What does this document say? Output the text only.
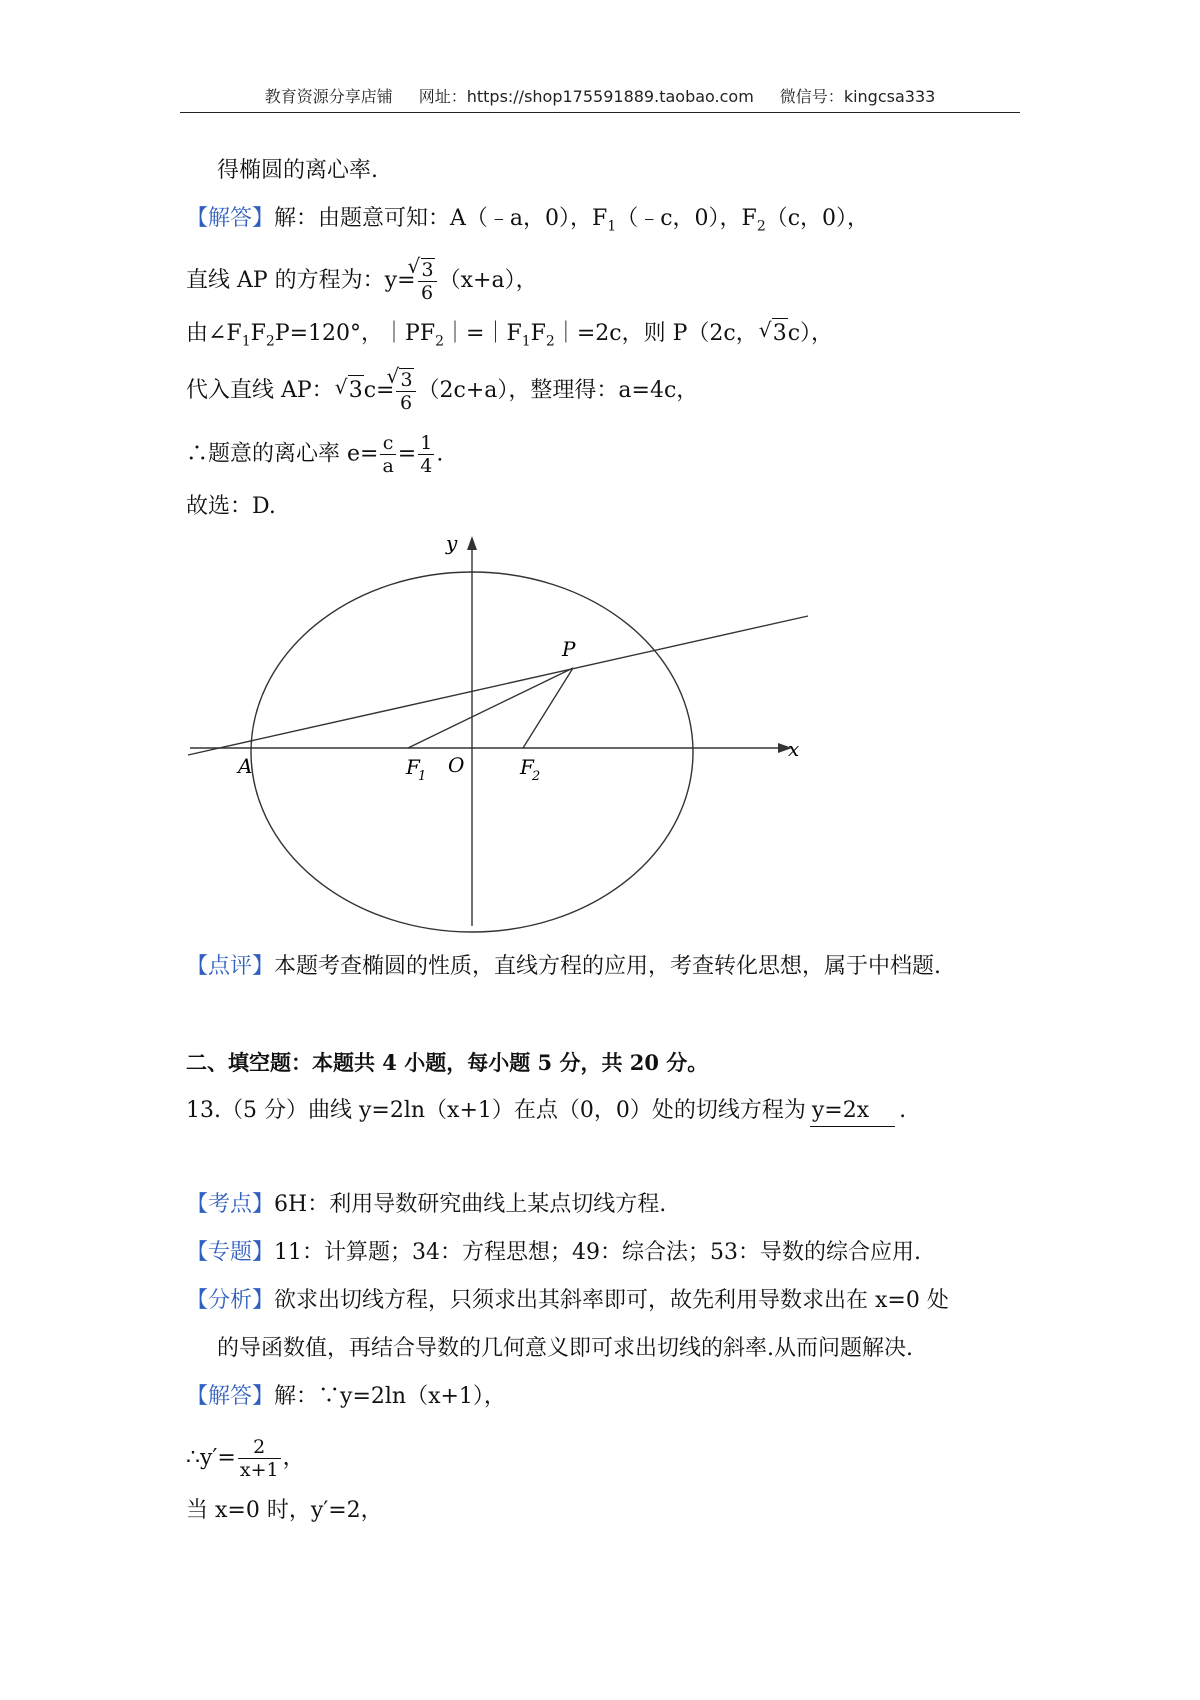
教育资源分享店铺 网址：https://shop175591889.taobao.com 微信号：kingcsa333
得椭圆的离心率.
【解答】解：由题意可知：A（﹣a，0），$F_1(﹣c$，0），$F_2(c$，0），
直线 AP 的方程为：y= √ $\frac{3}{6} (x+a)$，
由$\angle F_1F_2P=120^\circ$，$|PF_2|=|F_1F_2|=2c$，则 P（2c， √ 3c），
代入直线 AP： √ 3c= √ $\frac{3}{6} (2c+a)$，整理得：a=4c，
∴题意的离心率 $e= \frac{c}{a} = \frac{1}{4}$ .
故选：D.
y
x
P
A	F
1 O	F
2
【点评】本题考查椭圆的性质，直线方程的应用，考查转化思想，属于中档题.
二、填空题：本题共 4 小题，每小题 5 分，共 20 分。
13.（5 分）曲线 y=2ln（x+1）在点（0，0）处的切线方程为 y=2x .
【考点】6H：利用导数研究曲线上某点切线方程.
【专题】11：计算题；34：方程思想；49：综合法；53：导数的综合应用.
【分析】欲求出切线方程，只须求出其斜率即可，故先利用导数求出在 x=0 处
的导函数值，再结合导数的几何意义即可求出切线的斜率.从而问题解决.
【解答】解：∵y=2ln（x+1），
∴y′= $\frac{2}{x+1}$ ，
当 x=0 时，y′=2，
